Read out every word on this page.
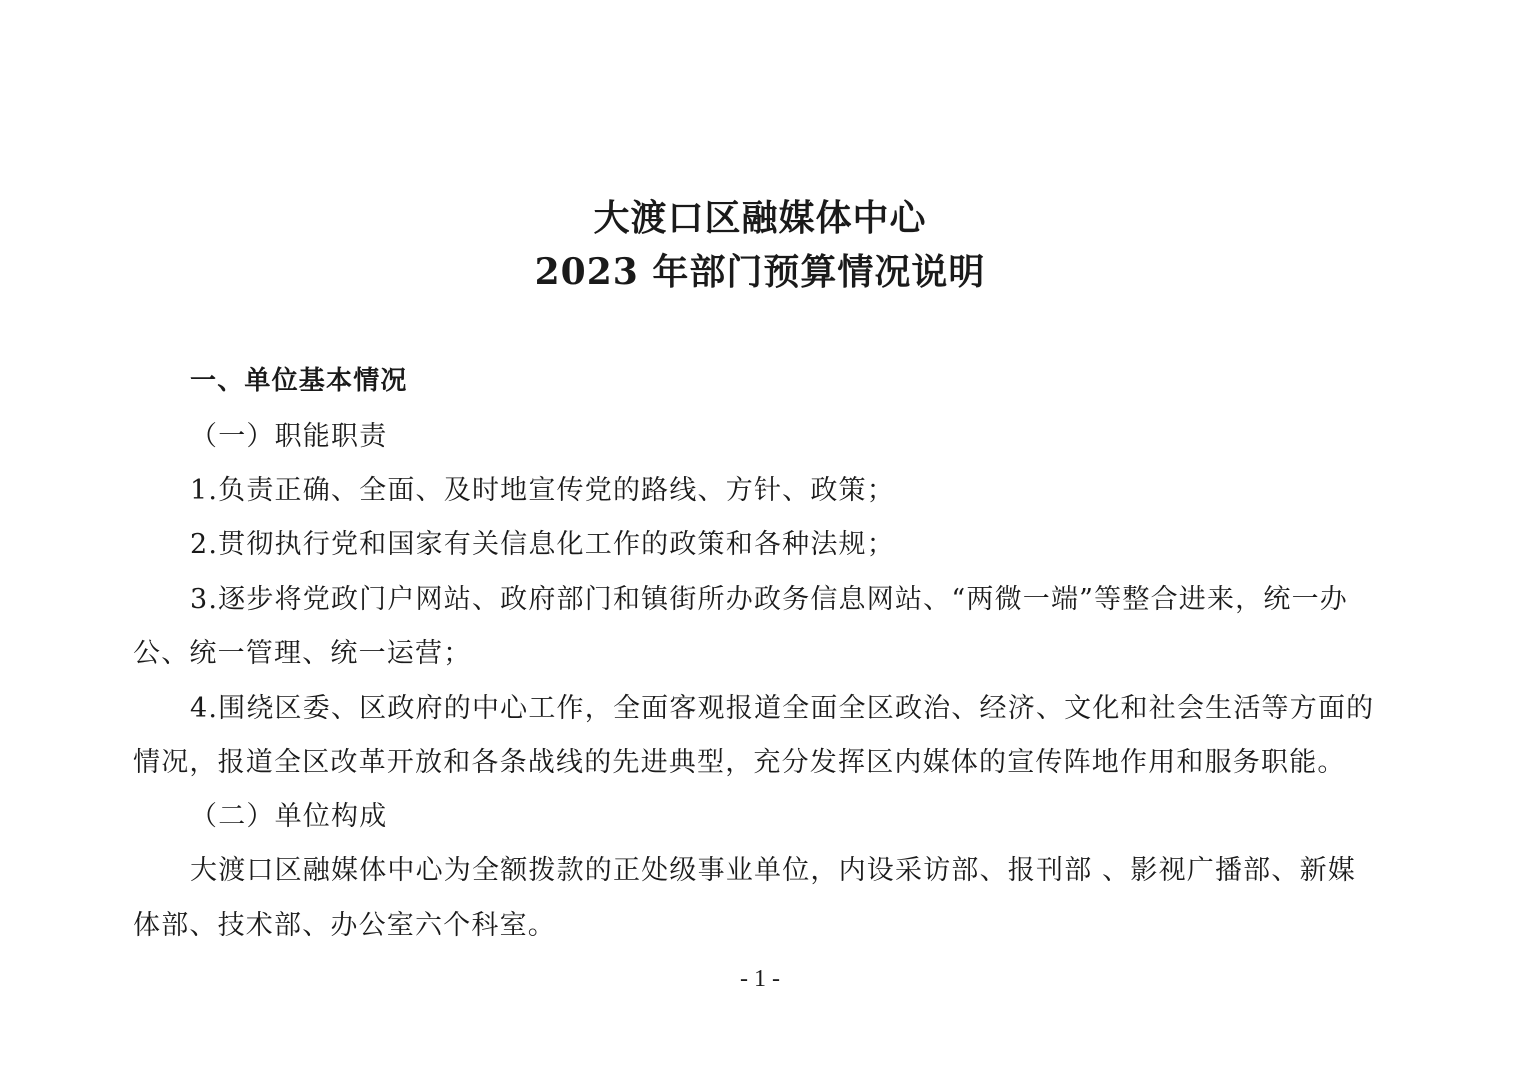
大渡口区融媒体中心
2023 年部门预算情况说明
一、单位基本情况
（一）职能职责
1.负责正确、全面、及时地宣传党的路线、方针、政策；
2.贯彻执行党和国家有关信息化工作的政策和各种法规；
3.逐步将党政门户网站、政府部门和镇街所办政务信息网站、“两微一端”等整合进来，统一办
公、统一管理、统一运营；
4.围绕区委、区政府的中心工作，全面客观报道全面全区政治、经济、文化和社会生活等方面的
情况，报道全区改革开放和各条战线的先进典型，充分发挥区内媒体的宣传阵地作用和服务职能。
（二）单位构成
大渡口区融媒体中心为全额拨款的正处级事业单位，内设采访部、报刊部 、影视广播部、新媒
体部、技术部、办公室六个科室。
- 1 -
